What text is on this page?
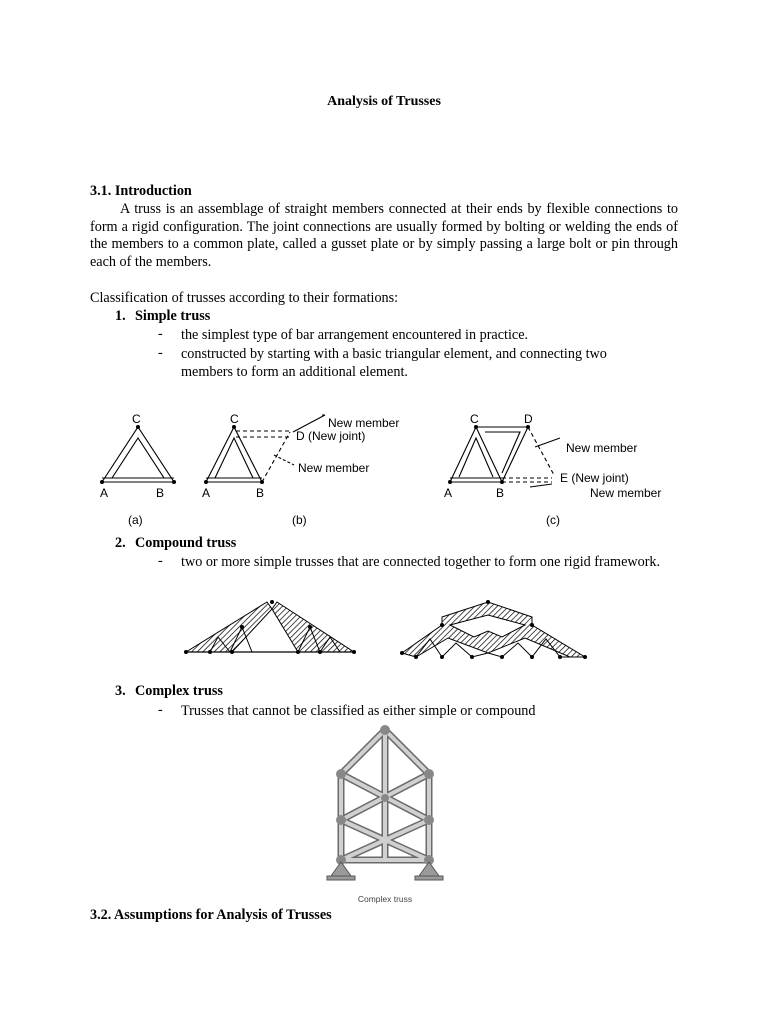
Analysis of Trusses
3.1. Introduction
A truss is an assemblage of straight members connected at their ends by flexible connections to form a rigid configuration. The joint connections are usually formed by bolting or welding the ends of the members to a common plate, called a gusset plate or by simply passing a large bolt or pin through each of the members.
Classification of trusses according to their formations:
1. Simple truss
- the simplest type of bar arrangement encountered in practice.
- constructed by starting with a basic triangular element, and connecting two members to form an additional element.
C
A	B
(a)
C
A	B
(b)
New member
D (New joint)
New member
C	D
A	B
(c)
New member
E (New joint)
New member
2. Compound truss
- two or more simple trusses that are connected together to form one rigid framework.
3. Complex truss
- Trusses that cannot be classified as either simple or compound
Complex truss
3.2. Assumptions for Analysis of Trusses
